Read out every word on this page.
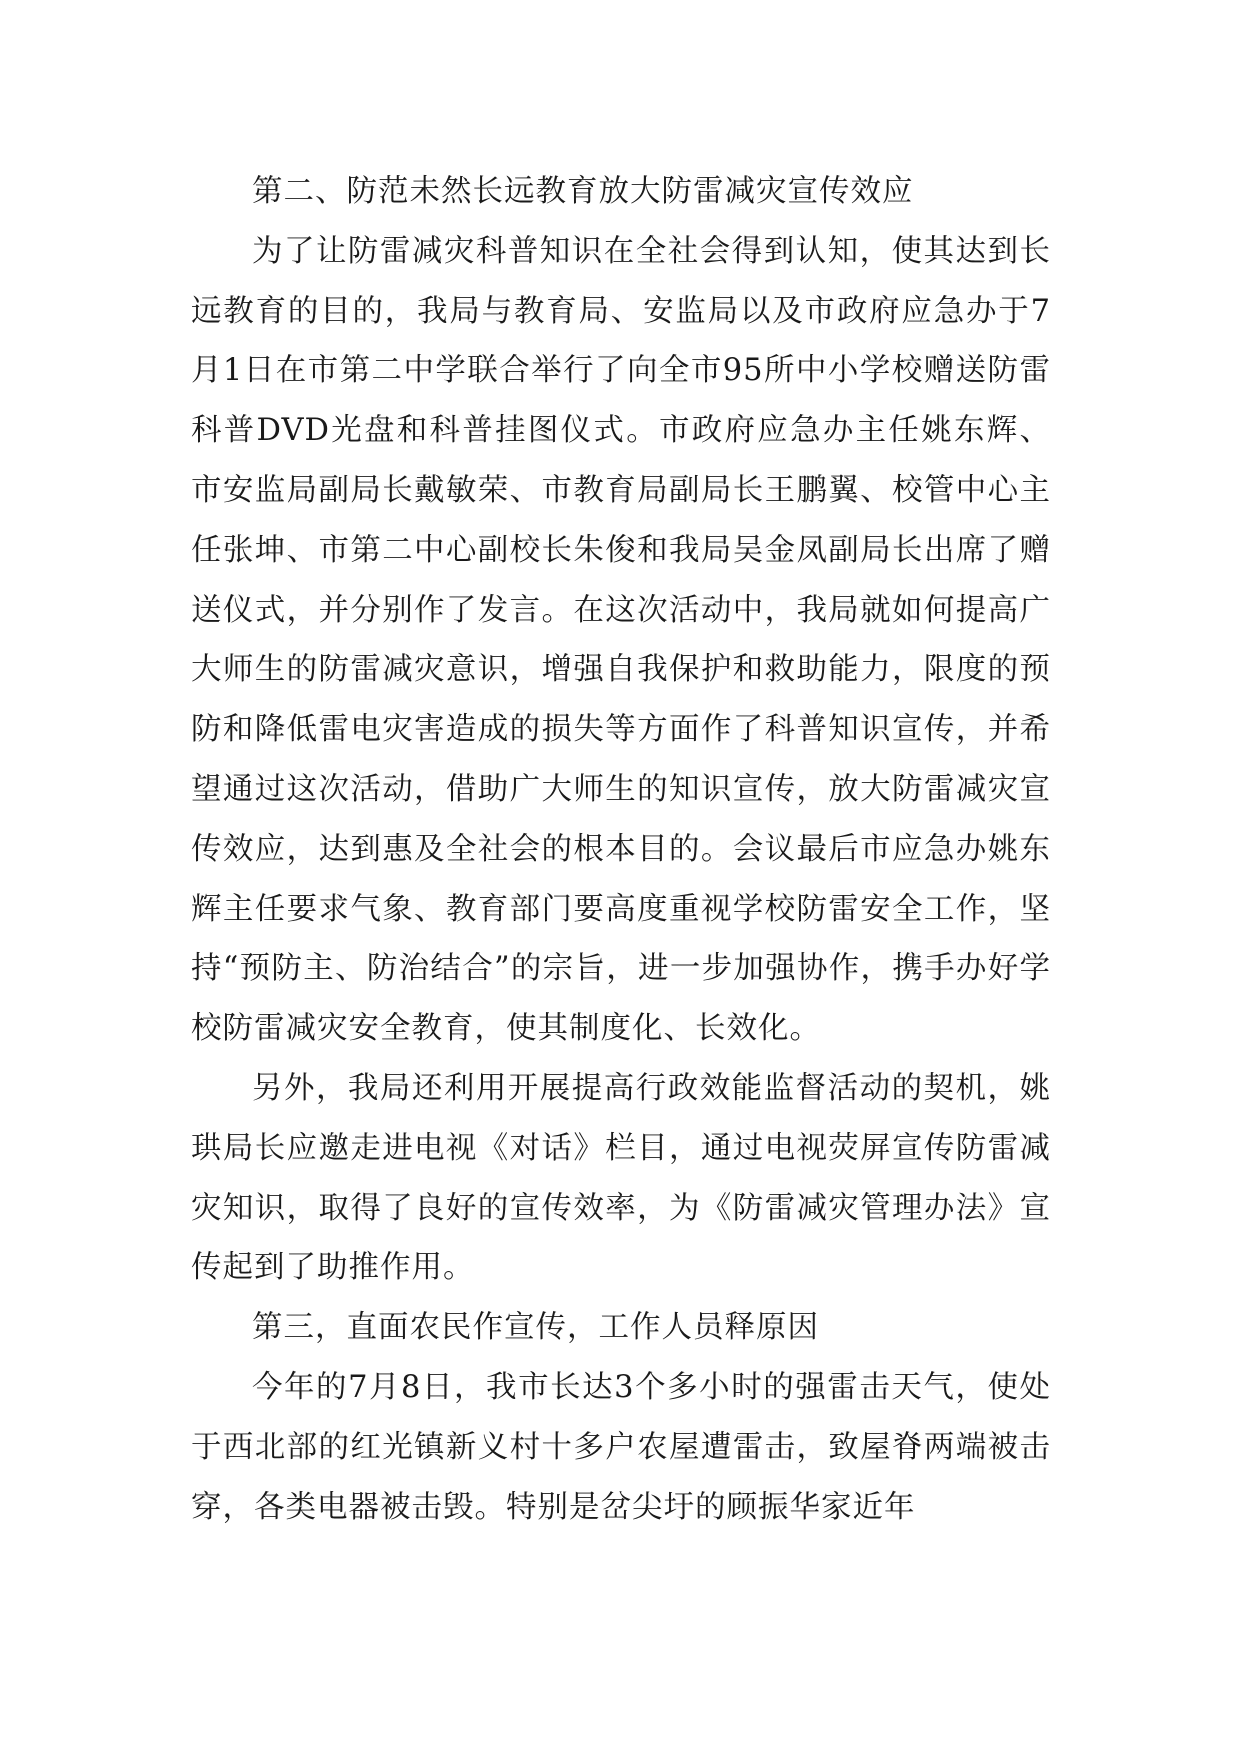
第二、防范未然长远教育放大防雷减灾宣传效应

为了让防雷减灾科普知识在全社会得到认知，使其达到长远教育的目的，我局与教育局、安监局以及市政府应急办于7月1日在市第二中学联合举行了向全市95所中小学校赠送防雷科普DVD光盘和科普挂图仪式。市政府应急办主任姚东辉、市安监局副局长戴敏荣、市教育局副局长王鹏翼、校管中心主任张坤、市第二中心副校长朱俊和我局吴金凤副局长出席了赠送仪式，并分别作了发言。在这次活动中，我局就如何提高广大师生的防雷减灾意识，增强自我保护和救助能力，限度的预防和降低雷电灾害造成的损失等方面作了科普知识宣传，并希望通过这次活动，借助广大师生的知识宣传，放大防雷减灾宣传效应，达到惠及全社会的根本目的。会议最后市应急办姚东辉主任要求气象、教育部门要高度重视学校防雷安全工作，坚持“预防主、防治结合”的宗旨，进一步加强协作，携手办好学校防雷减灾安全教育，使其制度化、长效化。

另外，我局还利用开展提高行政效能监督活动的契机，姚珙局长应邀走进电视《对话》栏目，通过电视荧屏宣传防雷减灾知识，取得了良好的宣传效率，为《防雷减灾管理办法》宣传起到了助推作用。

第三，直面农民作宣传，工作人员释原因

今年的7月8日，我市长达3个多小时的强雷击天气，使处于西北部的红光镇新义村十多户农屋遭雷击，致屋脊两端被击穿，各类电器被击毁。特别是岔尖圩的顾振华家近年
